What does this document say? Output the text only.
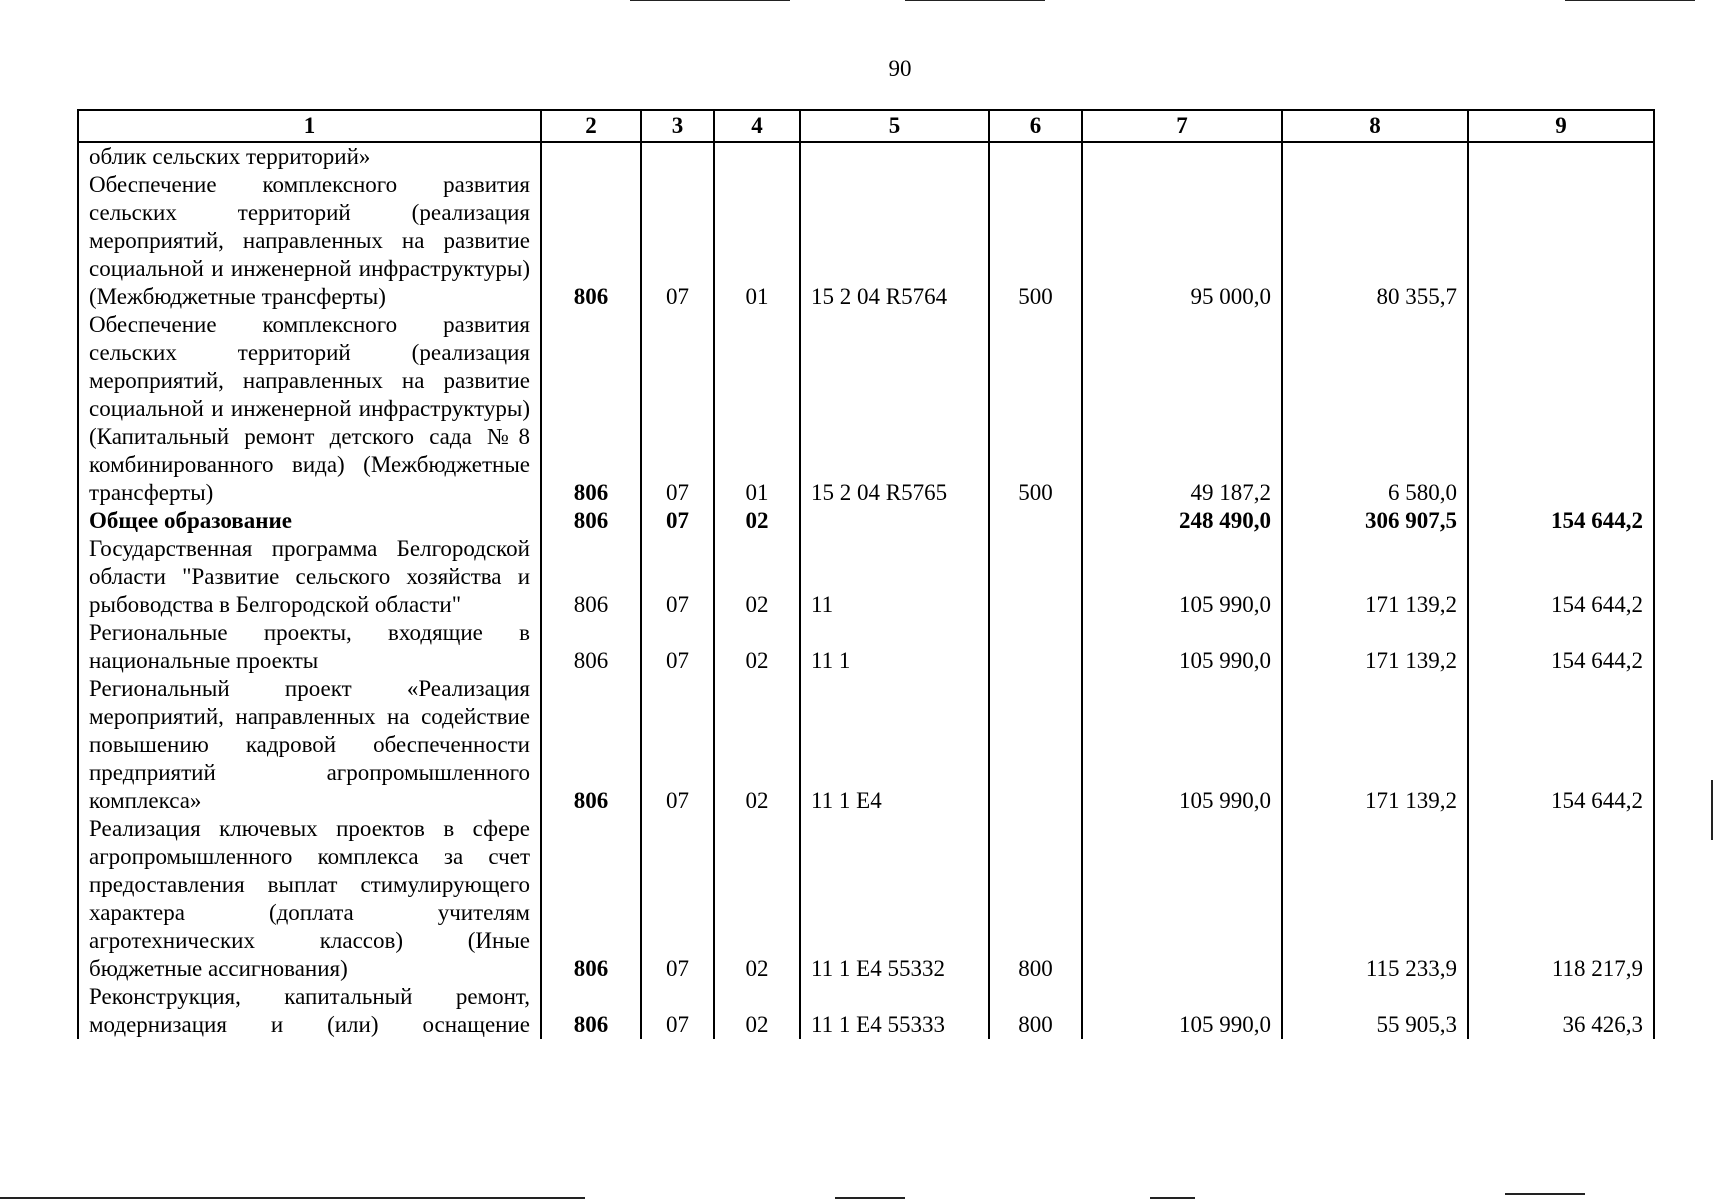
90
1	2	3	4	5	6	7	8	9
облик сельских территорий»								
Обеспечение комплексного развития сельских территорий (реализация мероприятий, направленных на развитие социальной и инженерной инфраструктуры) (Межбюджетные трансферты)	806	07	01	15 2 04 R5764	500	95 000,0	80 355,7	
Обеспечение комплексного развития сельских территорий (реализация мероприятий, направленных на развитие социальной и инженерной инфраструктуры) (Капитальный ремонт детского сада №8 комбинированного вида) (Межбюджетные трансферты)	806	07	01	15 2 04 R5765	500	49 187,2	6 580,0	
Общее образование	806	07	02			248 490,0	306 907,5	154 644,2
Государственная программа Белгородской области "Развитие сельского хозяйства и рыбоводства в Белгородской области"	806	07	02	11		105 990,0	171 139,2	154 644,2
Региональные проекты, входящие в национальные проекты	806	07	02	11 1		105 990,0	171 139,2	154 644,2
Региональный проект «Реализация мероприятий, направленных на содействие повышению кадровой обеспеченности предприятий агропромышленного комплекса»	806	07	02	11 1 E4		105 990,0	171 139,2	154 644,2
Реализация ключевых проектов в сфере агропромышленного комплекса за счет предоставления выплат стимулирующего характера (доплата учителям агротехнических классов) (Иные бюджетные ассигнования)	806	07	02	11 1 E4 55332	800		115 233,9	118 217,9
Реконструкция, капитальный ремонт, модернизация и (или) оснащение	806	07	02	11 1 E4 55333	800	105 990,0	55 905,3	36 426,3
